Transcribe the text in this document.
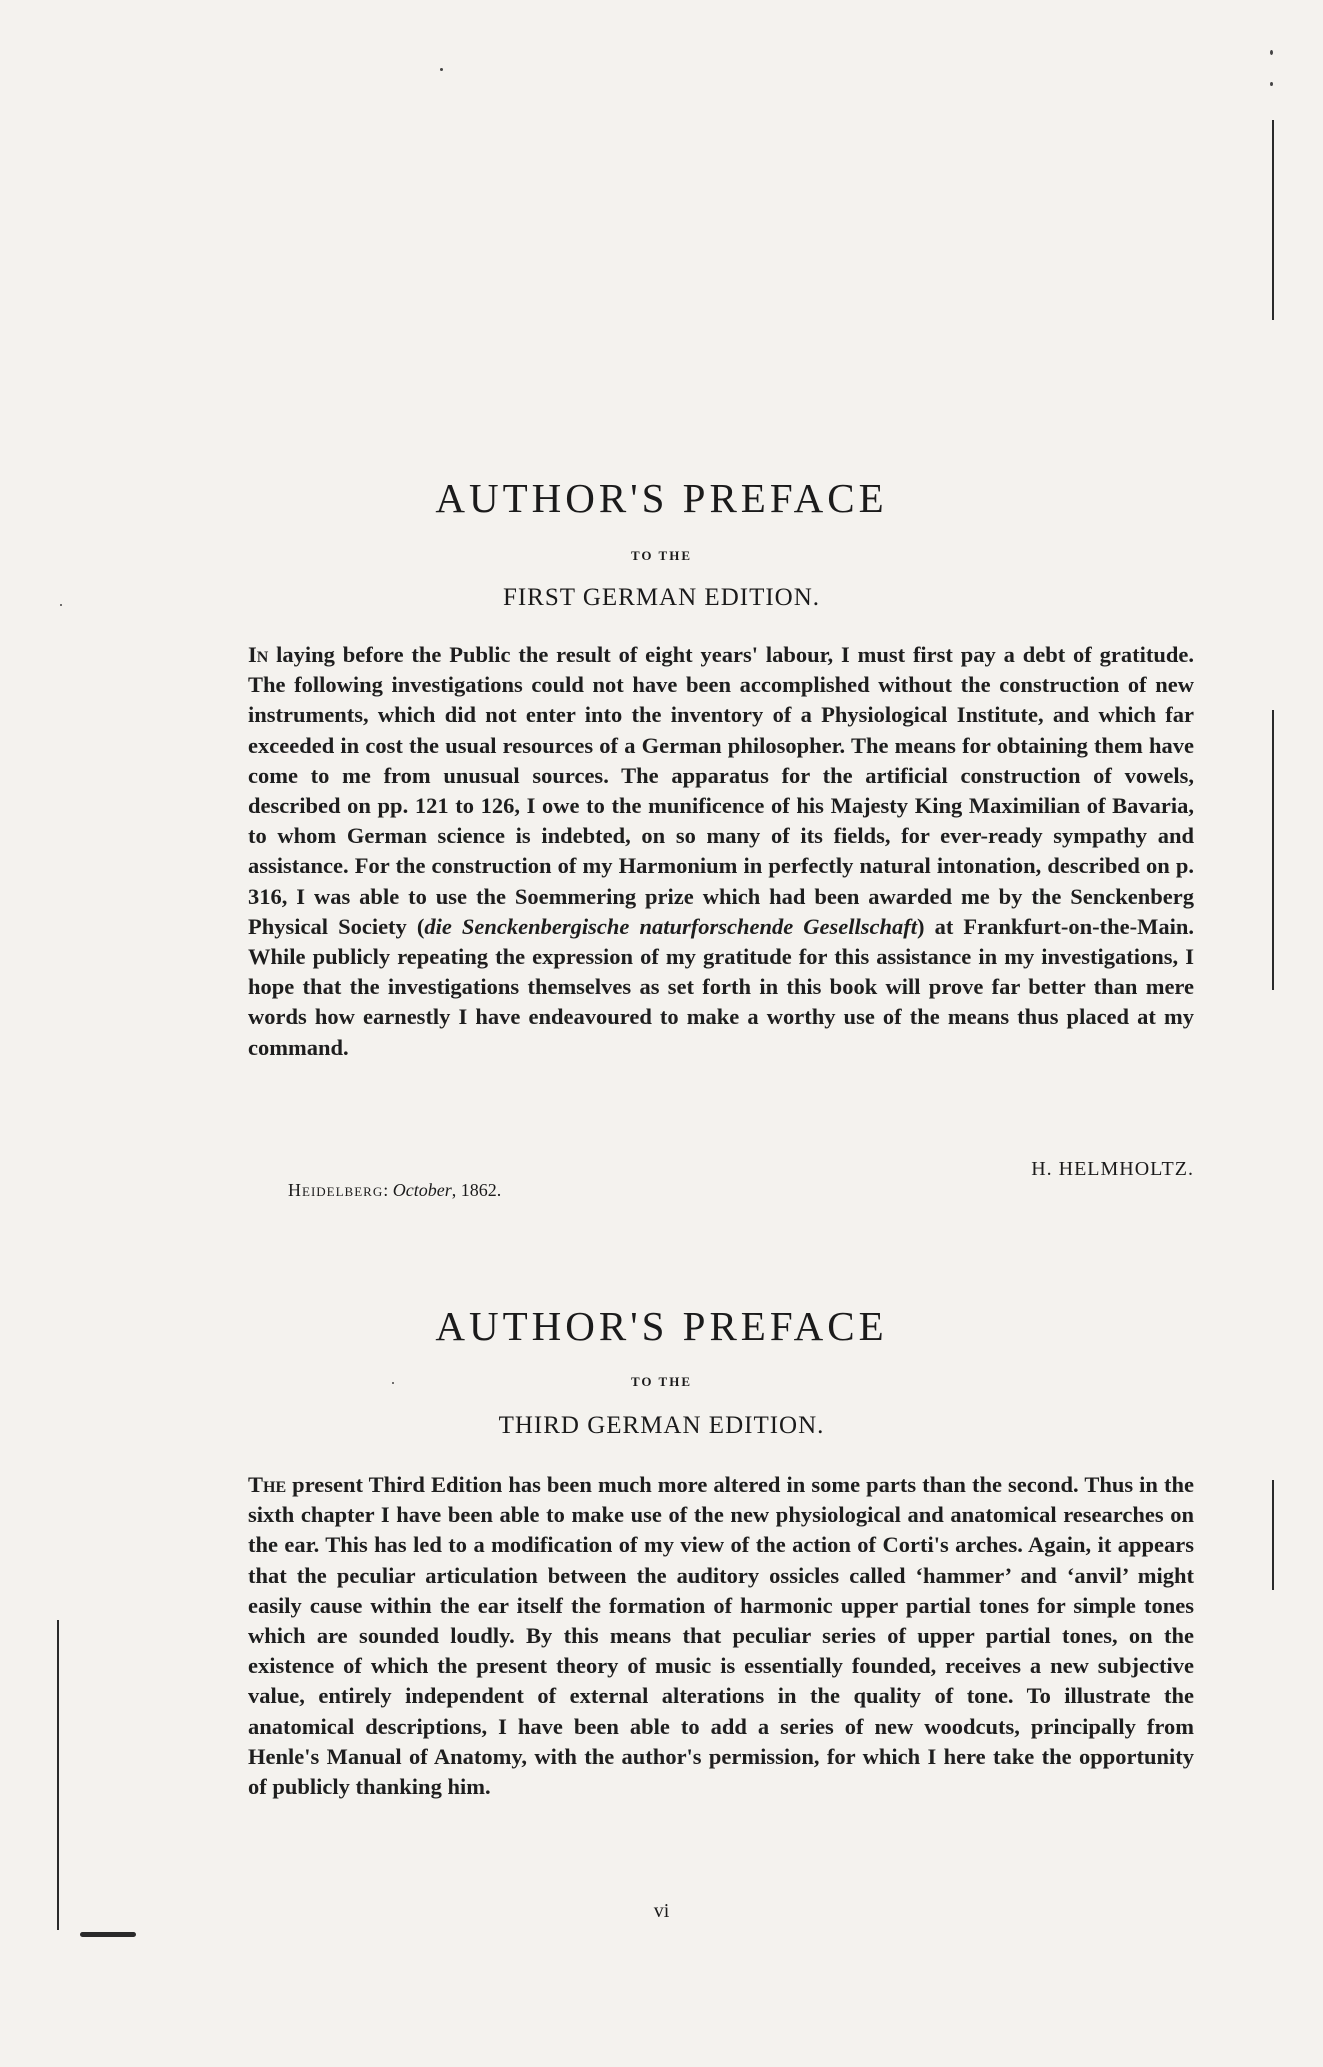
AUTHOR'S PREFACE
TO THE
FIRST GERMAN EDITION.

In laying before the Public the result of eight years' labour, I must first pay a debt of gratitude. The following investigations could not have been accomplished without the construction of new instruments, which did not enter into the inventory of a Physiological Institute, and which far exceeded in cost the usual resources of a German philosopher. The means for obtaining them have come to me from unusual sources. The apparatus for the artificial construction of vowels, described on pp. 121 to 126, I owe to the munificence of his Majesty King Maximilian of Bavaria, to whom German science is indebted, on so many of its fields, for ever-ready sympathy and assistance. For the construction of my Harmonium in perfectly natural intonation, described on p. 316, I was able to use the Soemmering prize which had been awarded me by the Senckenberg Physical Society (die Senckenbergische naturforschende Gesellschaft) at Frankfurt-on-the-Main. While publicly repeating the expression of my gratitude for this assistance in my investigations, I hope that the investigations themselves as set forth in this book will prove far better than mere words how earnestly I have endeavoured to make a worthy use of the means thus placed at my command.

H. HELMHOLTZ.
Heidelberg: October, 1862.
AUTHOR'S PREFACE
TO THE
THIRD GERMAN EDITION.

The present Third Edition has been much more altered in some parts than the second. Thus in the sixth chapter I have been able to make use of the new physiological and anatomical researches on the ear. This has led to a modification of my view of the action of Corti's arches. Again, it appears that the peculiar articulation between the auditory ossicles called ‘hammer’ and ‘anvil’ might easily cause within the ear itself the formation of harmonic upper partial tones for simple tones which are sounded loudly. By this means that peculiar series of upper partial tones, on the existence of which the present theory of music is essentially founded, receives a new subjective value, entirely independent of external alterations in the quality of tone. To illustrate the anatomical descriptions, I have been able to add a series of new woodcuts, principally from Henle's Manual of Anatomy, with the author's permission, for which I here take the opportunity of publicly thanking him.

vi
